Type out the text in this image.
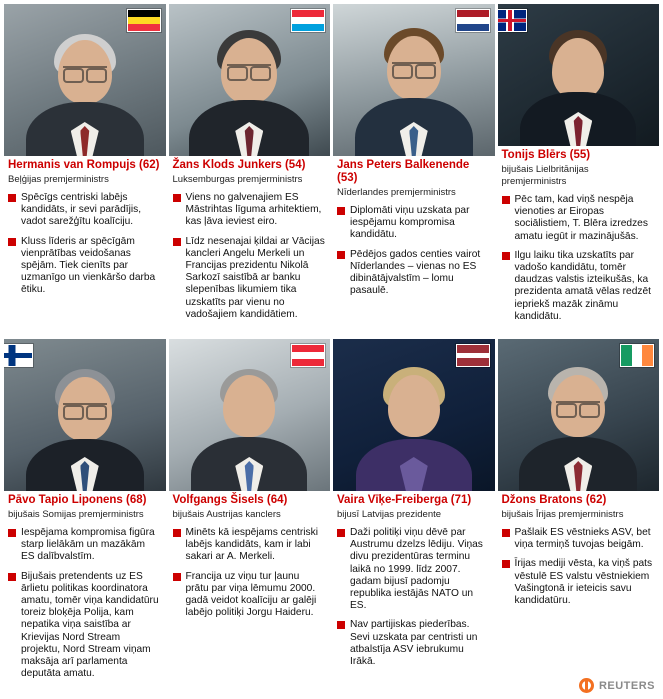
Hermanis van Rompujs (62)
Beļģijas premjerministrs
Spēcīgs centriski labējs kandidāts, ir sevi parādījis, vadot sarežģītu koalīciju.
Kluss līderis ar spēcīgām vienprātības veidošanas spējām. Tiek cienīts par uzmanīgo un vienkāršo darba ētiku.
Žans Klods Junkers (54)
Luksemburgas premjerministrs
Viens no galvenajiem ES Māstrihtas līguma arhitektiem, kas ļāva ieviest eiro.
Līdz nesenajai ķildai ar Vācijas kancleri Angelu Merkeli un Francijas prezidentu Nikolā Sarkozī saistībā ar banku slepenības likumiem tika uzskatīts par vienu no vadošajiem kandidātiem.
Jans Peters Balkenende (53)
Nīderlandes premjerministrs
Diplomāti viņu uzskata par iespējamu kompromisa kandidātu.
Pēdējos gados centies vairot Nīderlandes – vienas no ES dibinātājvalstīm – lomu pasaulē.
Tonijs Blērs (55)
bijušais Lielbritānijas premjerministrs
Pēc tam, kad viņš nespēja vienoties ar Eiropas sociālistiem, T. Blēra izredzes amatu iegūt ir mazinājušās.
Ilgu laiku tika uzskatīts par vadošo kandidātu, tomēr daudzas valstis izteikušās, ka prezidenta amatā vēlas redzēt iepriekš mazāk zināmu kandidātu.
Pāvo Tapio Liponens (68)
bijušais Somijas premjerministrs
Iespējama kompromisa figūra starp lielākām un mazākām ES dalībvalstīm.
Bijušais pretendents uz ES ārlietu politikas koordinatora amatu, tomēr viņa kandidatūru toreiz bloķēja Polija, kam nepatika viņa saistība ar Krievijas Nord Stream projektu, Nord Stream viņam maksāja arī parlamenta deputāta amatu.
Volfgangs Šisels (64)
bijušais Austrijas kanclers
Minēts kā iespējams centriski labējs kandidāts, kam ir labi sakari ar A. Merkeli.
Francija uz viņu tur ļaunu prātu par viņa lēmumu 2000. gadā veidot koalīciju ar galēji labējo politiķi Jorgu Haideru.
Vaira Vīķe-Freiberga (71)
bijusī Latvijas prezidente
Daži politiķi viņu dēvē par Austrumu dzelzs lēdiju. Viņas divu prezidentūras terminu laikā no 1999. līdz 2007. gadam bijusī padomju republika iestājās NATO un ES.
Nav partijiskas piederības. Sevi uzskata par centristi un atbalstīja ASV iebrukumu Irākā.
Džons Bratons (62)
bijušais Īrijas premjerministrs
Pašlaik ES vēstnieks ASV, bet viņa termiņš tuvojas beigām.
Īrijas mediji vēsta, ka viņš pats vēstulē ES valstu vēstniekiem Vašingtonā ir ieteicis savu kandidatūru.
REUTERS
